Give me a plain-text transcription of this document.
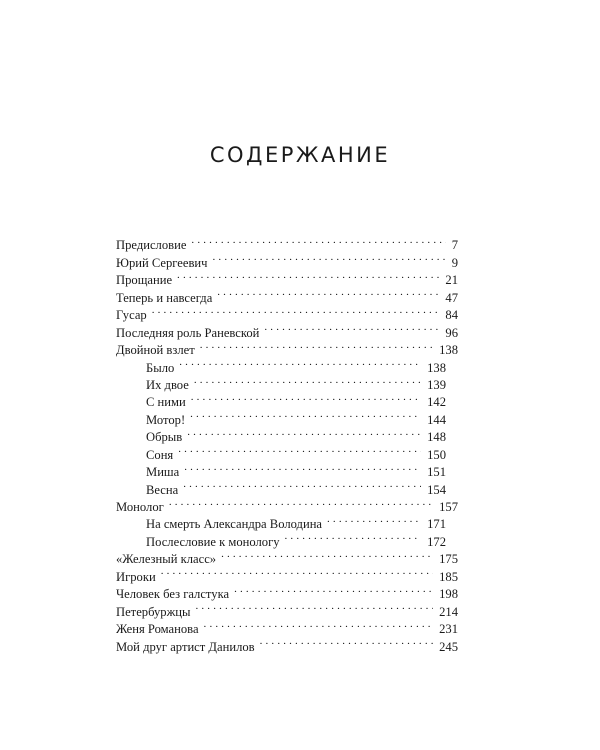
СОДЕРЖАНИЕ
Предисловие . . .	7
Юрий Сергеевич . . .	9
Прощание . . .	21
Теперь и навсегда . . .	47
Гусар . . .	84
Последняя роль Раневской . . .	96
Двойной взлет . . .	138
Было . . .	138
Их двое . . .	139
С ними . . .	142
Мотор! . . .	144
Обрыв . . .	148
Соня . . .	150
Миша . . .	151
Весна . . .	154
Монолог . . .	157
На смерть Александра Володина . . .	171
Послесловие к монологу . . .	172
«Железный класс» . . .	175
Игроки . . .	185
Человек без галстука . . .	198
Петербуржцы . . .	214
Женя Романова . . .	231
Мой друг артист Данилов . . .	245
